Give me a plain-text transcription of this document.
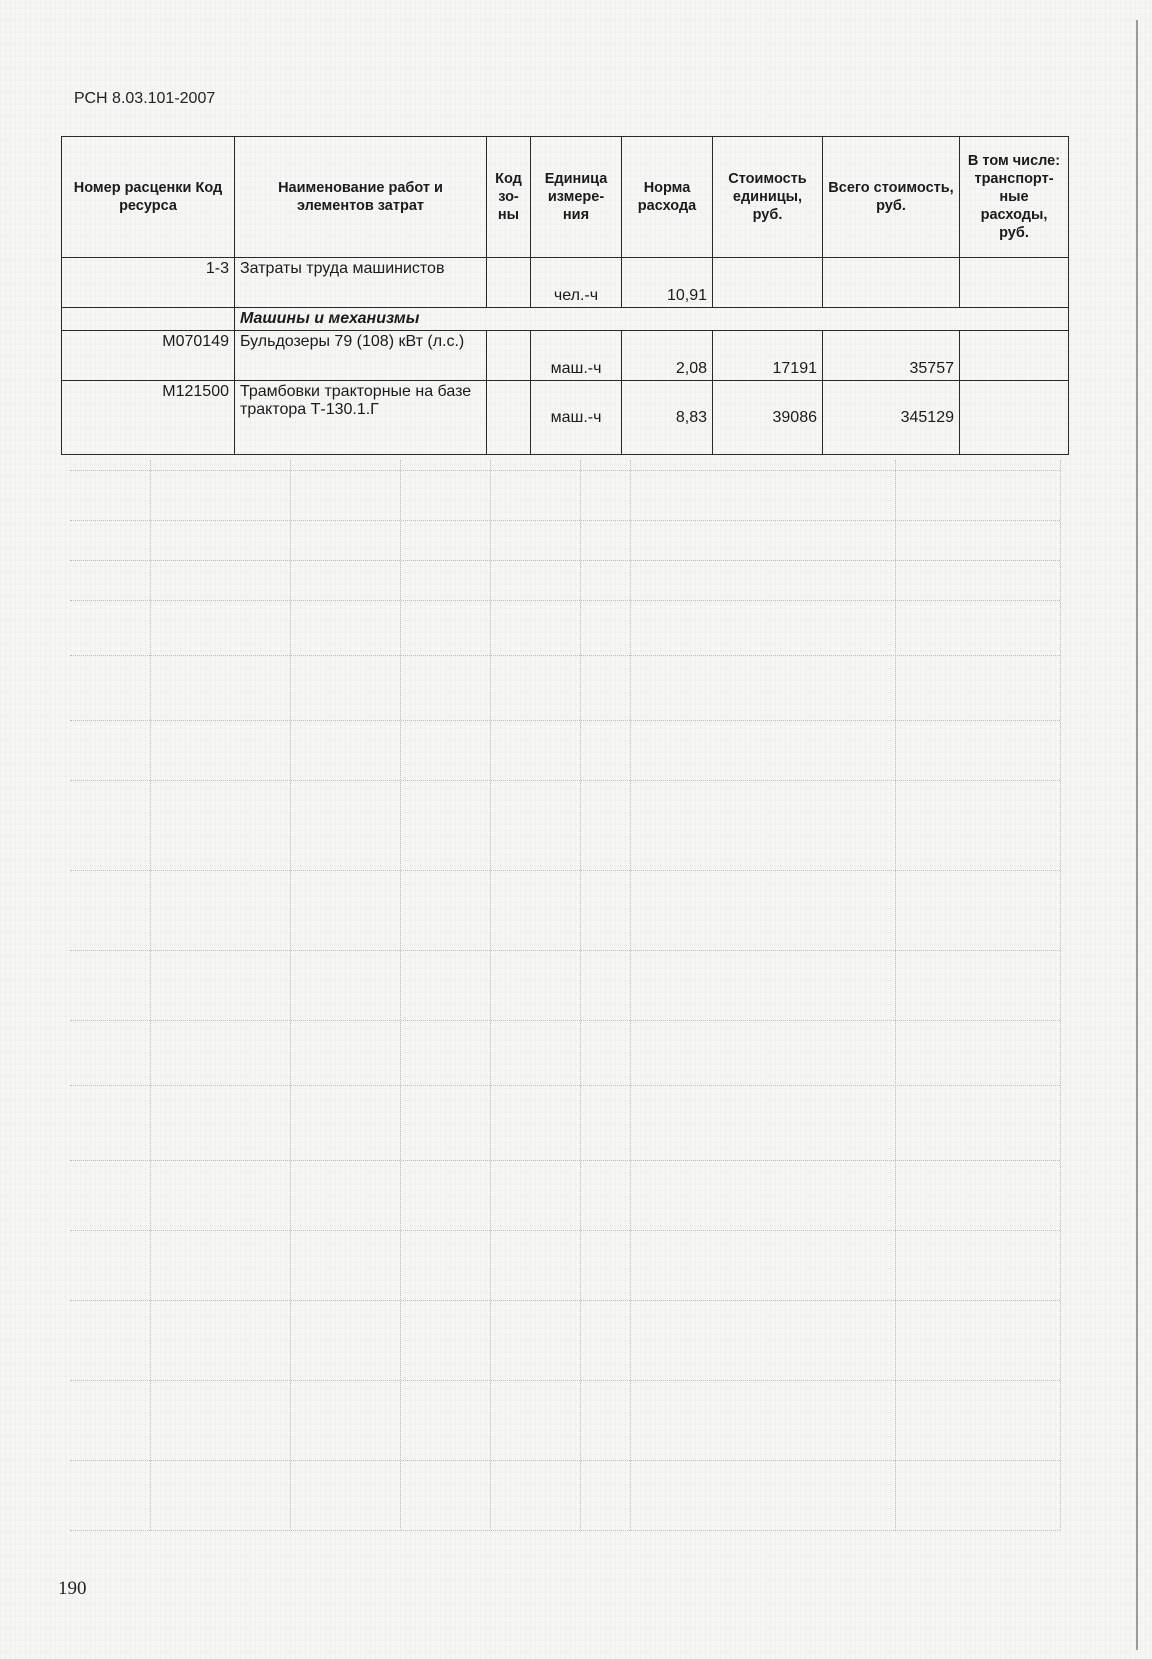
РСН 8.03.101-2007
Номер расценки Код ресурса	Наименование работ и элементов затрат	Код зо-ны	Единица измере-ния	Норма расхода	Стоимость единицы, руб.	Всего стоимость, руб.	В том числе: транспорт-ные расходы, руб.
1-3	Затраты труда машинистов		чел.-ч	10,91			
	Машины и механизмы						
М070149	Бульдозеры 79 (108) кВт (л.с.)		маш.-ч	2,08	17191	35757	
М121500	Трамбовки тракторные на базе трактора Т-130.1.Г		маш.-ч	8,83	39086	345129	
190
